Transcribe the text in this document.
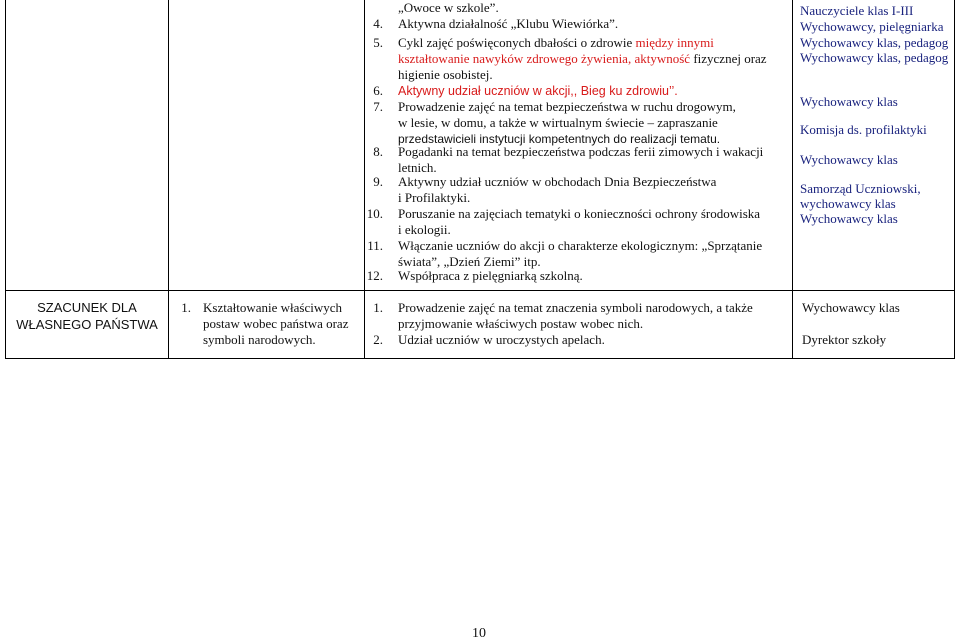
„Owoce w szkole”.
4. Aktywna działalność „Klubu Wiewiórka”.
5. Cykl zajęć poświęconych dbałości o zdrowie między innymi
kształtowanie nawyków zdrowego żywienia, aktywność fizycznej oraz
higienie osobistej.
6. Aktywny udział uczniów w akcji,, Bieg ku zdrowiu’’.
7. Prowadzenie zajęć na temat bezpieczeństwa w ruchu drogowym,
w lesie, w domu, a także w wirtualnym świecie – zapraszanie
przedstawicieli instytucji kompetentnych do realizacji tematu.
8. Pogadanki na temat bezpieczeństwa podczas ferii zimowych i wakacji
letnich.
9. Aktywny udział uczniów w obchodach Dnia Bezpieczeństwa
i Profilaktyki.
10. Poruszanie na zajęciach tematyki o konieczności ochrony środowiska
i ekologii.
11. Włączanie uczniów do akcji o charakterze ekologicznym: „Sprzątanie
świata”, „Dzień Ziemi” itp.
12. Współpraca z pielęgniarką szkolną.
Nauczyciele klas I-III
Wychowawcy, pielęgniarka
Wychowawcy klas, pedagog
Wychowawcy klas, pedagog
Wychowawcy klas
Komisja ds. profilaktyki
Wychowawcy klas
Samorząd Uczniowski,
wychowawcy klas
Wychowawcy klas
SZACUNEK DLA
WŁASNEGO PAŃSTWA
1. Kształtowanie właściwych
postaw wobec państwa oraz
symboli narodowych.
1. Prowadzenie zajęć na temat znaczenia symboli narodowych, a także
przyjmowanie właściwych postaw wobec nich.
2. Udział uczniów w uroczystych apelach.
Wychowawcy klas
Dyrektor szkoły
10
